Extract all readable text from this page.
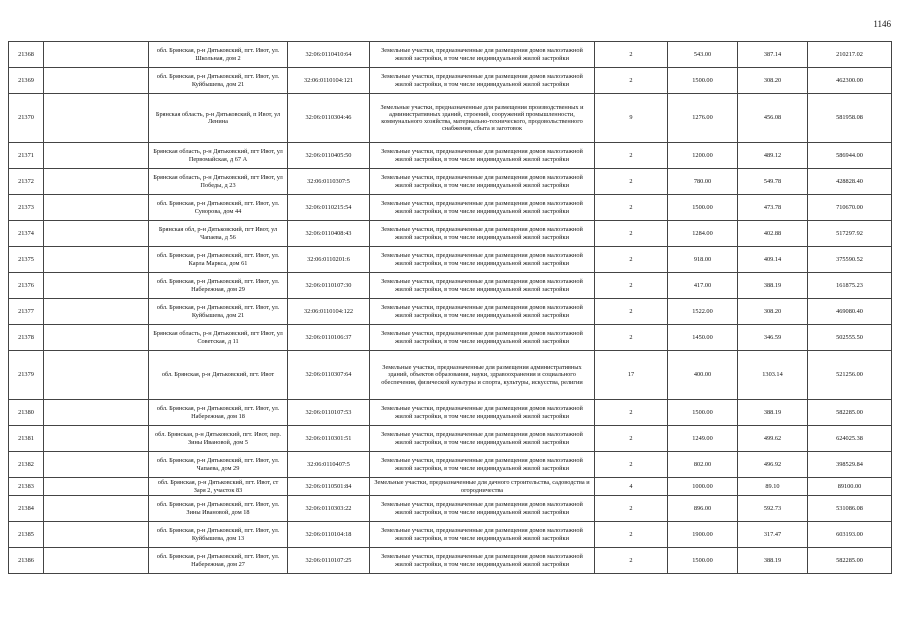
1146
21368		обл. Брянская, р-н Дятьковский, пгт. Ивот, ул. Школьная, дом 2	32:06:0110410:64	Земельные участки, предназначенные для размещения домов малоэтажной жилой застройки, в том числе индивидуальной жилой застройки	2	543.00	387.14	210217.02
21369		обл. Брянская, р-н Дятьковский, пгт. Ивот, ул. Куйбышева, дом 21	32:06:0110104:121	Земельные участки, предназначенные для размещения домов малоэтажной жилой застройки, в том числе индивидуальной жилой застройки	2	1500.00	308.20	462300.00
21370		Брянская область, р-н Дятьковский, п Ивот, ул Ленина	32:06:0110304:46	Земельные участки, предназначенные для размещения производственных и административных зданий, строений, сооружений промышленности, коммунального хозяйства, материально-технического, продовольственного снабжения, сбыта и заготовок	9	1276.00	456.08	581958.08
21371		Брянская область, р-н Дятьковский, пгт Ивот, ул Первомайская, д 67 А	32:06:0110405:50	Земельные участки, предназначенные для размещения домов малоэтажной жилой застройки, в том числе индивидуальной жилой застройки	2	1200.00	489.12	586944.00
21372		Брянская область, р-н Дятьковский, пгт Ивот, ул Победы, д 23	32:06:0110307:5	Земельные участки, предназначенные для размещения домов малоэтажной жилой застройки, в том числе индивидуальной жилой застройки	2	780.00	549.78	428828.40
21373		обл. Брянская, р-н Дятьковский, пгт. Ивот, ул. Суворова, дом 44	32:06:0110215:54	Земельные участки, предназначенные для размещения домов малоэтажной жилой застройки, в том числе индивидуальной жилой застройки	2	1500.00	473.78	710670.00
21374		Брянская обл, р-н Дятьковский, пгт Ивот, ул Чапаева, д 56	32:06:0110408:43	Земельные участки, предназначенные для размещения домов малоэтажной жилой застройки, в том числе индивидуальной жилой застройки	2	1284.00	402.88	517297.92
21375		обл. Брянская, р-н Дятьковский, пгт. Ивот, ул. Карла Маркса, дом 61	32:06:0110201:6	Земельные участки, предназначенные для размещения домов малоэтажной жилой застройки, в том числе индивидуальной жилой застройки	2	918.00	409.14	375590.52
21376		обл. Брянская, р-н Дятьковский, пгт. Ивот, ул. Набережная, дом 29	32:06:0110107:30	Земельные участки, предназначенные для размещения домов малоэтажной жилой застройки, в том числе индивидуальной жилой застройки	2	417.00	388.19	161875.23
21377		обл. Брянская, р-н Дятьковский, пгт. Ивот, ул. Куйбышева, дом 21	32:06:0110104:122	Земельные участки, предназначенные для размещения домов малоэтажной жилой застройки, в том числе индивидуальной жилой застройки	2	1522.00	308.20	469080.40
21378		Брянская область, р-н Дятьковский, пгт Ивот, ул Советская, д 11	32:06:0110106:37	Земельные участки, предназначенные для размещения домов малоэтажной жилой застройки, в том числе индивидуальной жилой застройки	2	1450.00	346.59	502555.50
21379		обл. Брянская, р-н Дятьковский, пгт. Ивот	32:06:0110307:64	Земельные участки, предназначенные для размещения административных зданий, объектов образования, науки, здравоохранения и социального обеспечения, физической культуры и спорта, культуры, искусства, религии	17	400.00	1303.14	521256.00
21380		обл. Брянская, р-н Дятьковский, пгт. Ивот, ул. Набережная, дом 18	32:06:0110107:53	Земельные участки, предназначенные для размещения домов малоэтажной жилой застройки, в том числе индивидуальной жилой застройки	2	1500.00	388.19	582285.00
21381		обл. Брянская, р-н Дятьковский, пгт. Ивот, пер. Зины Ивановой, дом 5	32:06:0110301:51	Земельные участки, предназначенные для размещения домов малоэтажной жилой застройки, в том числе индивидуальной жилой застройки	2	1249.00	499.62	624025.38
21382		обл. Брянская, р-н Дятьковский, пгт. Ивот, ул. Чапаева, дом 29	32:06:0110407:5	Земельные участки, предназначенные для размещения домов малоэтажной жилой застройки, в том числе индивидуальной жилой застройки	2	802.00	496.92	398529.84
21383		обл. Брянская, р-н Дятьковский, пгт. Ивот, ст Заря 2, участок 83	32:06:0110501:84	Земельные участки, предназначенные для дачного строительства, садоводства и огородничества	4	1000.00	89.10	89100.00
21384		обл. Брянская, р-н Дятьковский, пгт. Ивот, ул. Зины Ивановой, дом 18	32:06:0110303:22	Земельные участки, предназначенные для размещения домов малоэтажной жилой застройки, в том числе индивидуальной жилой застройки	2	896.00	592.73	531086.08
21385		обл. Брянская, р-н Дятьковский, пгт. Ивот, ул. Куйбышева, дом 13	32:06:0110104:18	Земельные участки, предназначенные для размещения домов малоэтажной жилой застройки, в том числе индивидуальной жилой застройки	2	1900.00	317.47	603193.00
21386		обл. Брянская, р-н Дятьковский, пгт. Ивот, ул. Набережная, дом 27	32:06:0110107:25	Земельные участки, предназначенные для размещения домов малоэтажной жилой застройки, в том числе индивидуальной жилой застройки	2	1500.00	388.19	582285.00
